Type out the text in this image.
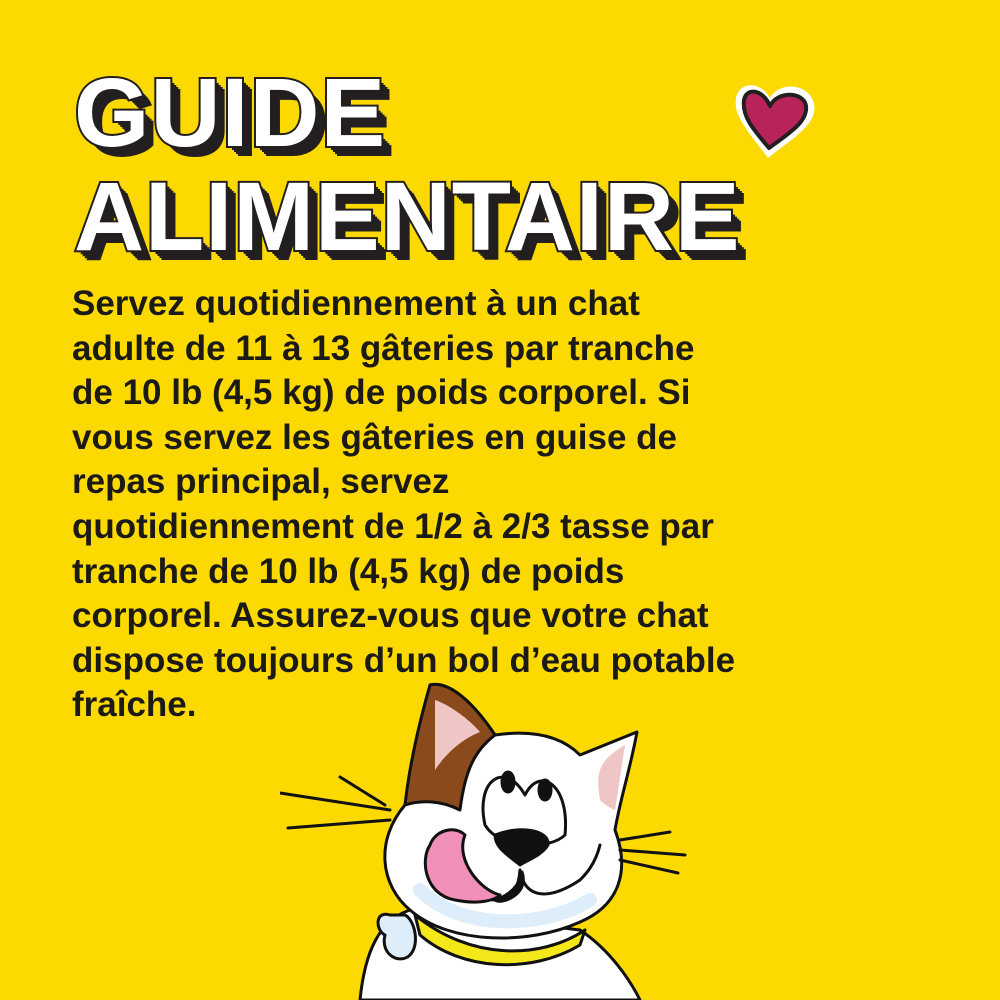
GUIDE
ALIMENTAIRE
Servez quotidiennement à un chat
adulte de 11 à 13 gâteries par tranche
de 10 lb (4,5 kg) de poids corporel. Si
vous servez les gâteries en guise de
repas principal, servez
quotidiennement de 1/2 à 2/3 tasse par
tranche de 10 lb (4,5 kg) de poids
corporel. Assurez-vous que votre chat
dispose toujours d’un bol d’eau potable
fraîche.
